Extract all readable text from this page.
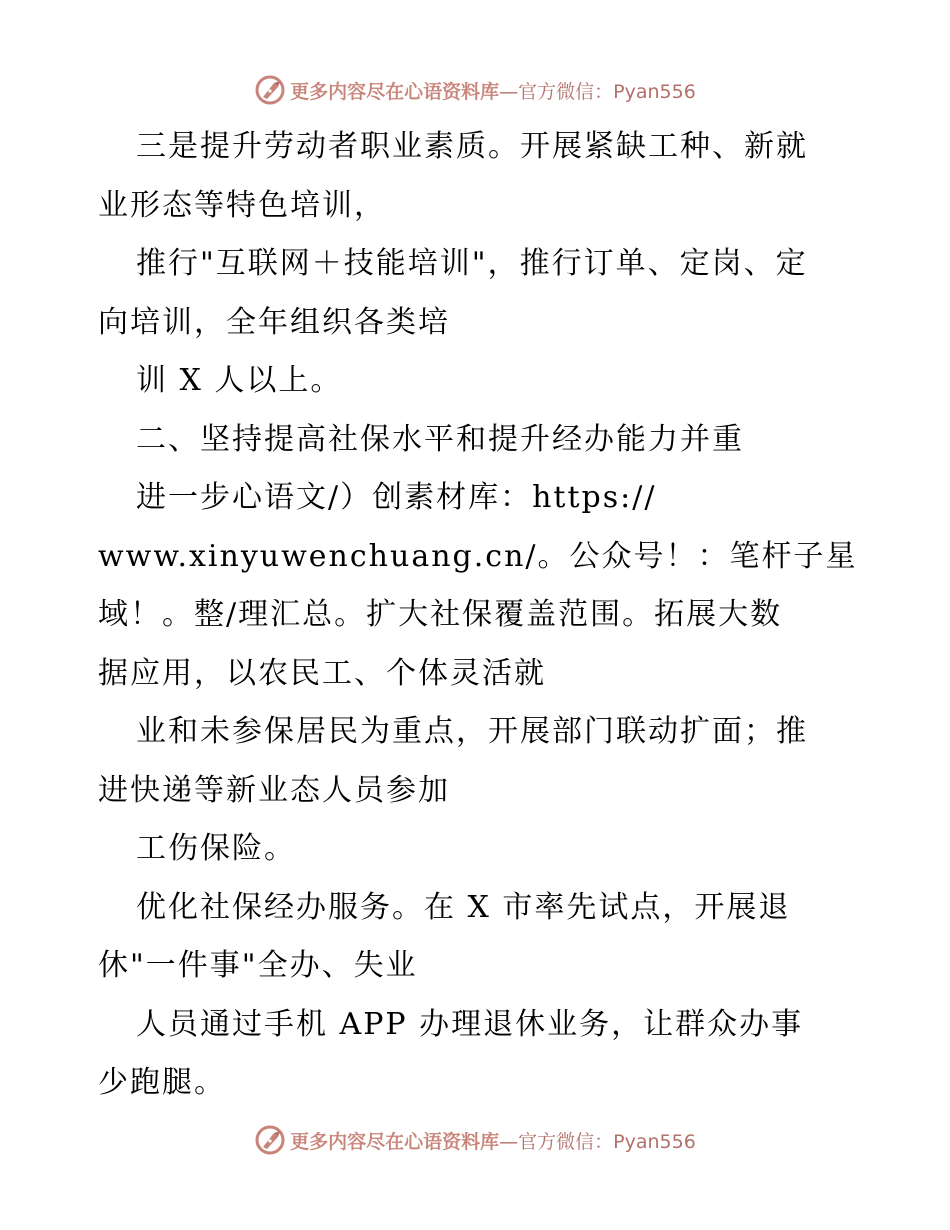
更多内容尽在心语资料库 —官方微信：Pyan556
三是提升劳动者职业素质。开展紧缺工种、新就
业形态等特色培训，
推行"互联网＋技能培训"，推行订单、定岗、定
向培训，全年组织各类培
训 X 人以上。
二、坚持提高社保水平和提升经办能力并重
进一步心语文/）创素材库：https://
www.xinyuwenchuang.cn/。公众号！：笔杆子星
域！。整/理汇总。扩大社保覆盖范围。拓展大数
据应用，以农民工、个体灵活就
业和未参保居民为重点，开展部门联动扩面；推
进快递等新业态人员参加
工伤保险。
优化社保经办服务。在 X 市率先试点，开展退
休"一件事"全办、失业
人员通过手机 APP 办理退休业务，让群众办事
少跑腿。
更多内容尽在心语资料库 —官方微信：Pyan556
